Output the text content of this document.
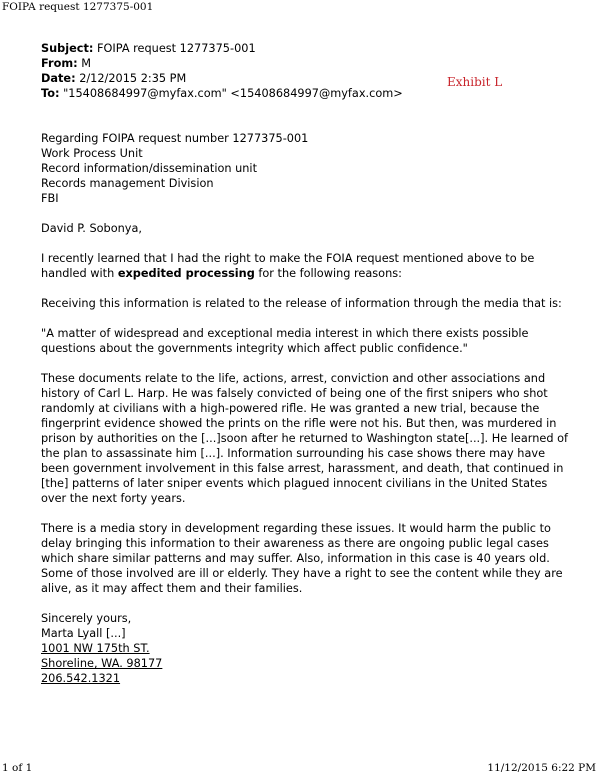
FOIPA request 1277375-001
Exhibit L
Subject: FOIPA request 1277375-001
From: M
Date: 2/12/2015 2:35 PM
To: "15408684997@myfax.com" <15408684997@myfax.com>
Regarding FOIPA request number 1277375-001
Work Process Unit
Record information/dissemination unit
Records management Division
FBI
David P. Sobonya,

I recently learned that I had the right to make the FOIA request mentioned above to be handled with expedited processing for the following reasons:

Receiving this information is related to the release of information through the media that is:

"A matter of widespread and exceptional media interest in which there exists possible questions about the governments integrity which affect public confidence."

These documents relate to the life, actions, arrest, conviction and other associations and history of Carl L. Harp. He was falsely convicted of being one of the first snipers who shot randomly at civilians with a high-powered rifle. He was granted a new trial, because the fingerprint evidence showed the prints on the rifle were not his. But then, was murdered in prison by authorities on the [...]soon after he returned to Washington state[...]. He learned of the plan to assassinate him [...]. Information surrounding his case shows there may have been government involvement in this false arrest, harassment, and death, that continued in [the] patterns of later sniper events which plagued innocent civilians in the United States over the next forty years.

There is a media story in development regarding these issues. It would harm the public to delay bringing this information to their awareness as there are ongoing public legal cases which share similar patterns and may suffer. Also, information in this case is 40 years old. Some of those involved are ill or elderly. They have a right to see the content while they are alive, as it may affect them and their families.

Sincerely yours,
Marta Lyall [...]
1001 NW 175th ST.
Shoreline, WA. 98177
206.542.1321
1 of 1	11/12/2015 6:22 PM
